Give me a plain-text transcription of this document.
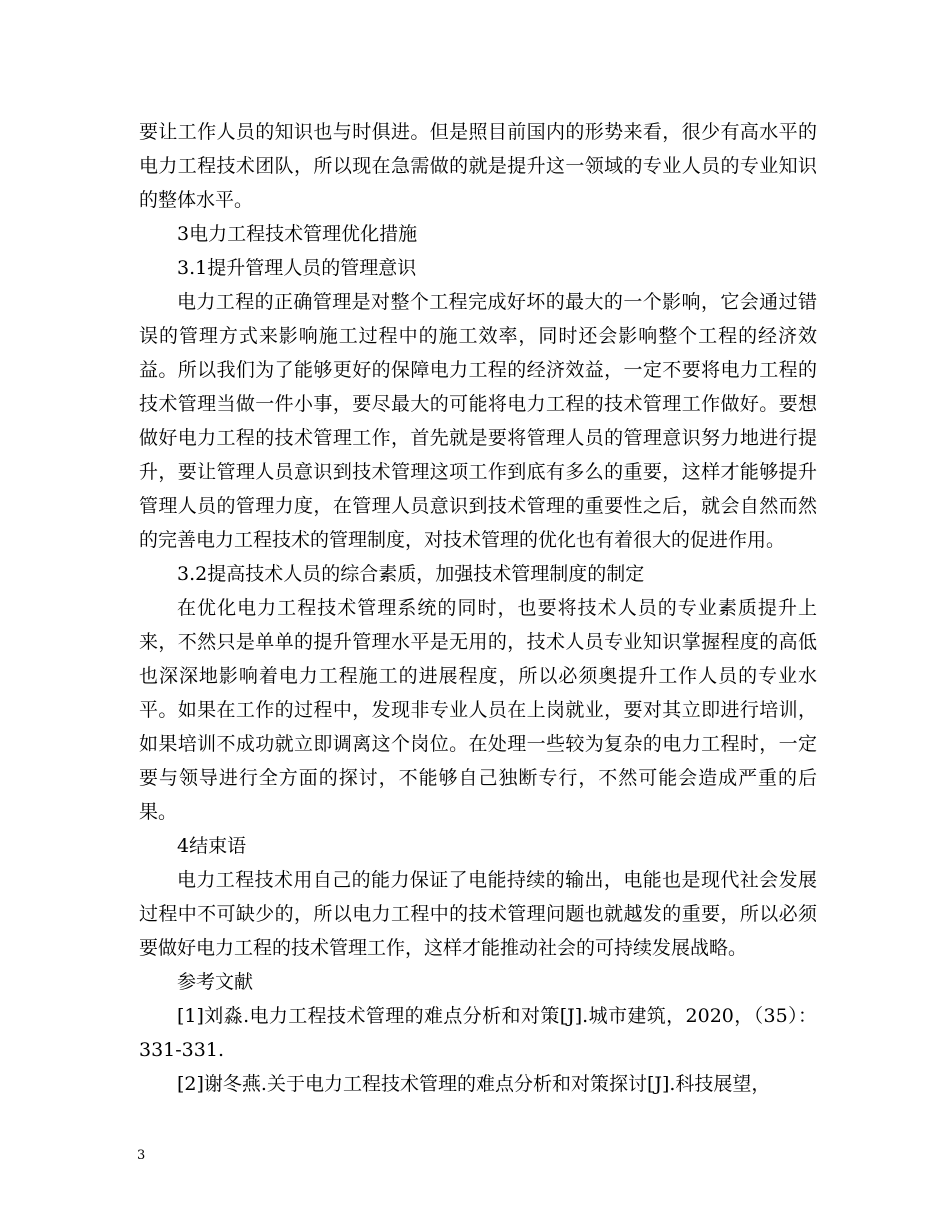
要让工作人员的知识也与时俱进。但是照目前国内的形势来看，很少有高水平的电力工程技术团队，所以现在急需做的就是提升这一领域的专业人员的专业知识的整体水平。

3电力工程技术管理优化措施

3.1提升管理人员的管理意识

电力工程的正确管理是对整个工程完成好坏的最大的一个影响，它会通过错误的管理方式来影响施工过程中的施工效率，同时还会影响整个工程的经济效益。所以我们为了能够更好的保障电力工程的经济效益，一定不要将电力工程的技术管理当做一件小事，要尽最大的可能将电力工程的技术管理工作做好。要想做好电力工程的技术管理工作，首先就是要将管理人员的管理意识努力地进行提升，要让管理人员意识到技术管理这项工作到底有多么的重要，这样才能够提升管理人员的管理力度，在管理人员意识到技术管理的重要性之后，就会自然而然的完善电力工程技术的管理制度，对技术管理的优化也有着很大的促进作用。

3.2提高技术人员的综合素质，加强技术管理制度的制定

在优化电力工程技术管理系统的同时，也要将技术人员的专业素质提升上来，不然只是单单的提升管理水平是无用的，技术人员专业知识掌握程度的高低也深深地影响着电力工程施工的进展程度，所以必须奥提升工作人员的专业水平。如果在工作的过程中，发现非专业人员在上岗就业，要对其立即进行培训，如果培训不成功就立即调离这个岗位。在处理一些较为复杂的电力工程时，一定要与领导进行全方面的探讨，不能够自己独断专行，不然可能会造成严重的后果。

4结束语

电力工程技术用自己的能力保证了电能持续的输出，电能也是现代社会发展过程中不可缺少的，所以电力工程中的技术管理问题也就越发的重要，所以必须要做好电力工程的技术管理工作，这样才能推动社会的可持续发展战略。

参考文献

[1]刘淼.电力工程技术管理的难点分析和对策[J].城市建筑，2020，（35）：331-331.

[2]谢冬燕.关于电力工程技术管理的难点分析和对策探讨[J].科技展望，

3
